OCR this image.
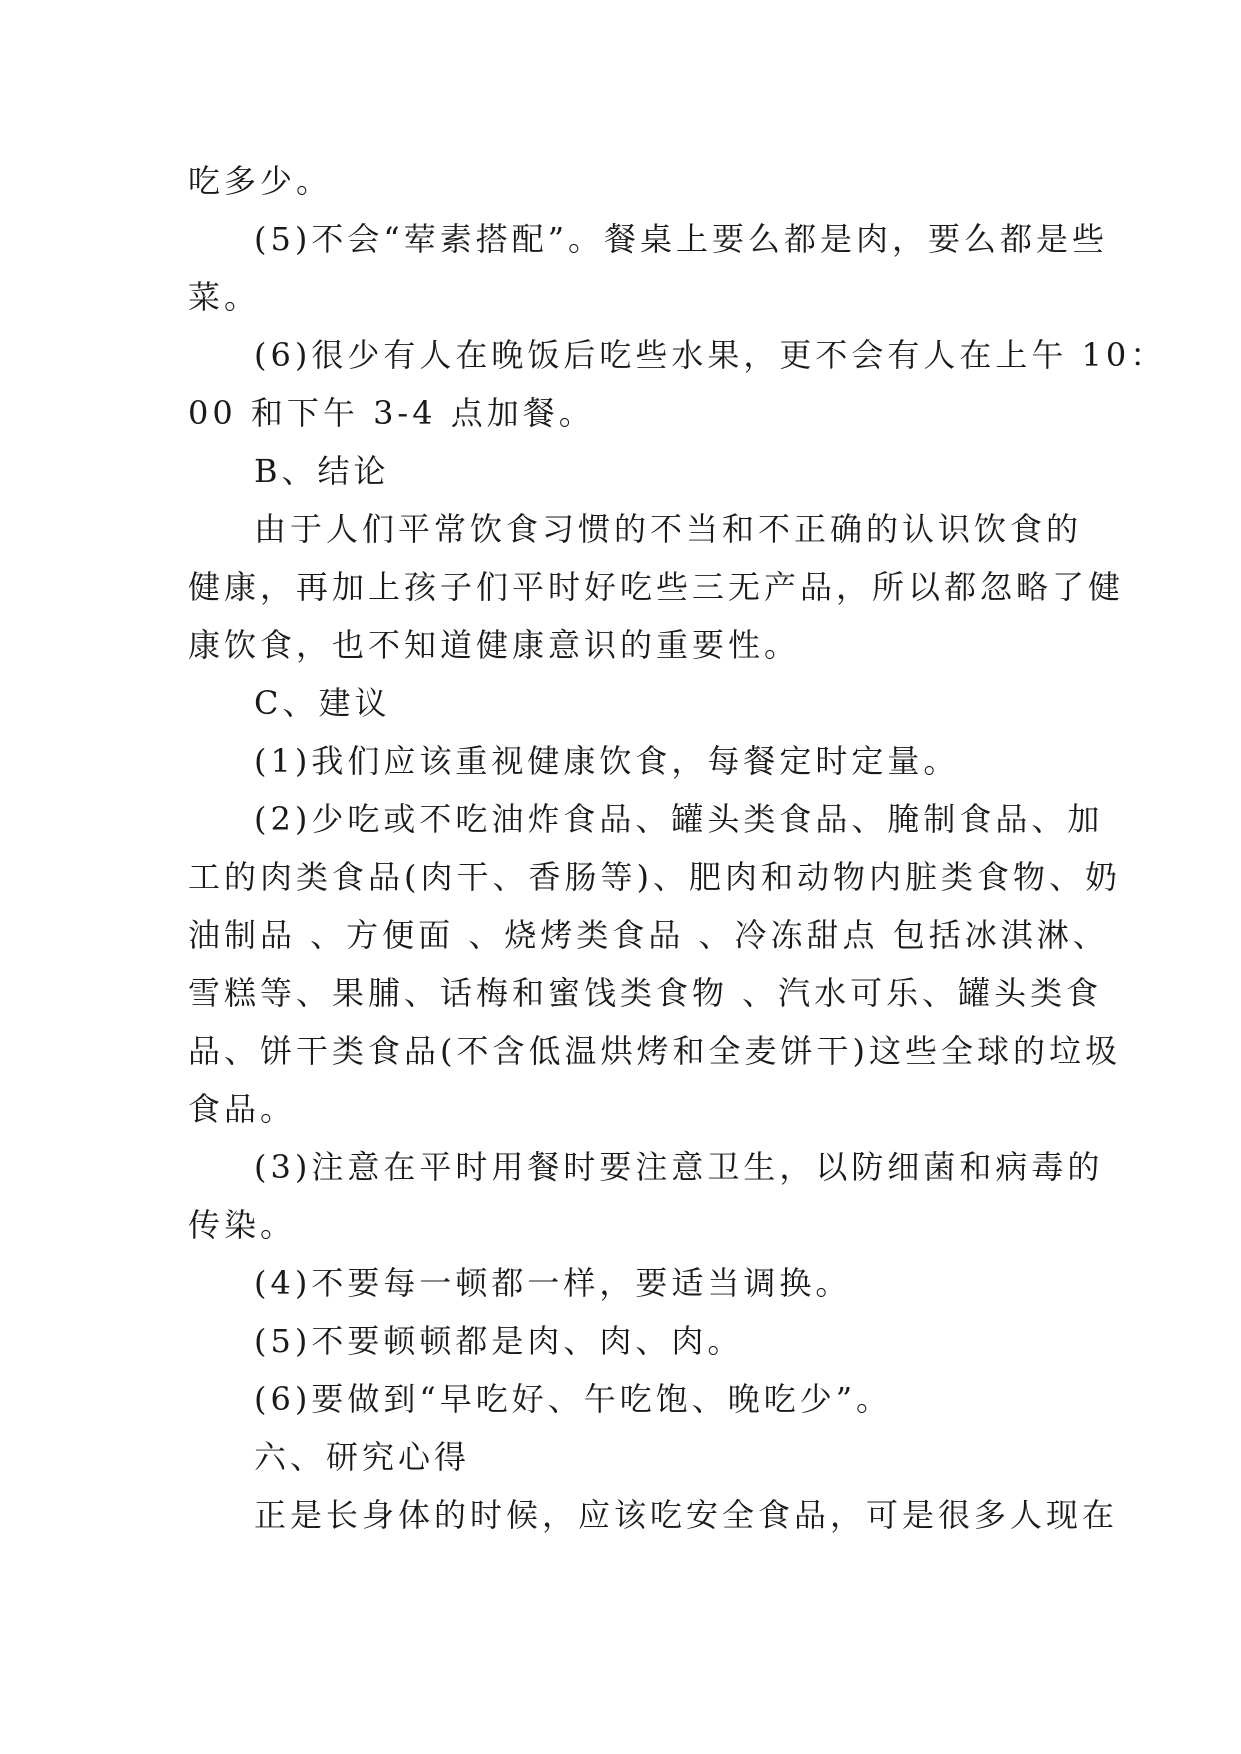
吃多少。
(5)不会“荤素搭配”。餐桌上要么都是肉，要么都是些
菜。
(6)很少有人在晚饭后吃些水果，更不会有人在上午 10：
00 和下午 3-4 点加餐。
B、结论
由于人们平常饮食习惯的不当和不正确的认识饮食的
健康，再加上孩子们平时好吃些三无产品，所以都忽略了健
康饮食，也不知道健康意识的重要性。
C、建议
(1)我们应该重视健康饮食，每餐定时定量。
(2)少吃或不吃油炸食品、罐头类食品、腌制食品、加
工的肉类食品(肉干、香肠等)、肥肉和动物内脏类食物、奶
油制品 、方便面 、烧烤类食品 、冷冻甜点 包括冰淇淋、
雪糕等、果脯、话梅和蜜饯类食物 、汽水可乐、罐头类食
品、饼干类食品(不含低温烘烤和全麦饼干)这些全球的垃圾
食品。
(3)注意在平时用餐时要注意卫生，以防细菌和病毒的
传染。
(4)不要每一顿都一样，要适当调换。
(5)不要顿顿都是肉、肉、肉。
(6)要做到“早吃好、午吃饱、晚吃少”。
六、研究心得
正是长身体的时候，应该吃安全食品，可是很多人现在
